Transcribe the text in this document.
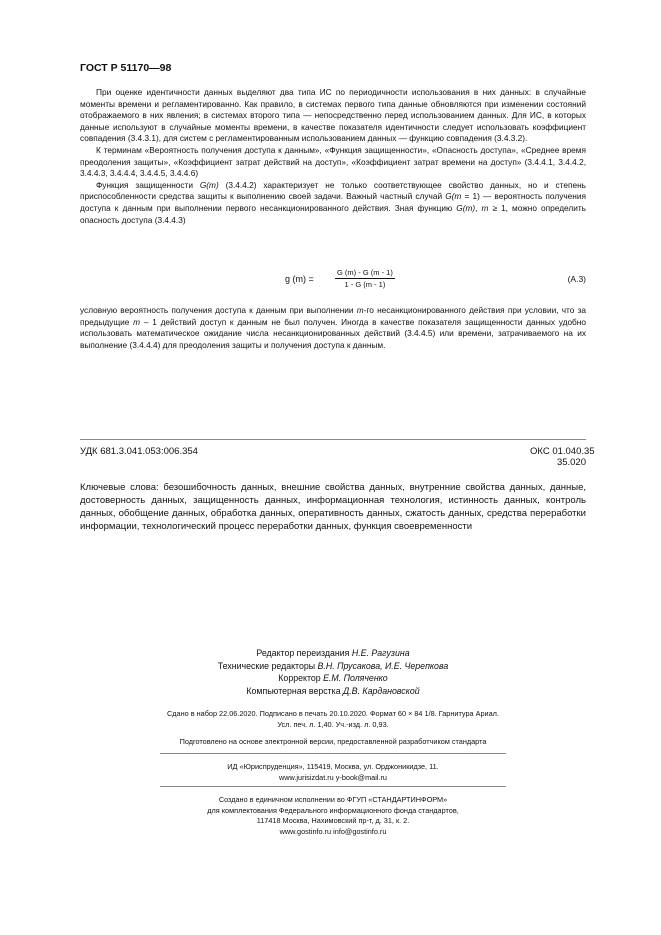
ГОСТ Р 51170—98

При оценке идентичности данных выделяют два типа ИС по периодичности использования в них данных: в случайные моменты времени и регламентированно. Как правило, в системах первого типа данные обновляются при изменении состояний отображаемого в них явления; в системах второго типа — непосредственно перед использованием данных. Для ИС, в которых данные используют в случайные моменты времени, в качестве показателя идентичности следует использовать коэффициент совпадения (3.4.3.1), для систем с регламентированным использованием данных — функцию совпадения (3.4.3.2).

К терминам «Вероятность получения доступа к данным», «Функция защищенности», «Опасность доступа», «Среднее время преодоления защиты», «Коэффициент затрат действий на доступ», «Коэффициент затрат времени на доступ» (3.4.4.1, 3.4.4.2, 3.4.4.3, 3.4.4.4, 3.4.4.5, 3.4.4.6)

Функция защищенности G(m) (3.4.4.2) характеризует не только соответствующее свойство данных, но и степень приспособленности средства защиты к выполнению своей задачи. Важный частный случай G(m = 1) — вероятность получения доступа к данным при выполнении первого несанкционированного действия. Зная функцию G(m), m ≥ 1, можно определить опасность доступа (3.4.4.3)

g (m) =
G (m) - G (m - 1)
1 - G (m - 1)
(A.3)

условную вероятность получения доступа к данным при выполнении m-го несанкционированного действия при условии, что за предыдущие m – 1 действий доступ к данным не был получен. Иногда в качестве показателя защищенности данных удобно использовать математическое ожидание числа несанкционированных действий (3.4.4.5) или времени, затрачиваемого на их выполнение (3.4.4.4) для преодоления защиты и получения доступа к данным.

УДК 681.3.041.053:006.354	ОКС 01.040.35
35.020
Ключевые слова: безошибочность данных, внешние свойства данных, внутренние свойства данных, данные, достоверность данных, защищенность данных, информационная технология, истинность данных, контроль данных, обобщение данных, обработка данных, оперативность данных, сжатость данных, средства переработки информации, технологический процесс переработки данных, функция своевременности
Редактор переиздания Н.Е. Рагузина
Технические редакторы В.Н. Прусакова, И.Е. Черепкова
Корректор Е.М. Поляченко
Компьютерная верстка Д.В. Кардановской
Сдано в набор 22.06.2020. Подписано в печать 20.10.2020. Формат 60 × 84 1/8. Гарнитура Ариал.
Усл. печ. л. 1,40. Уч.-изд. л. 0,93.
Подготовлено на основе электронной версии, предоставленной разработчиком стандарта
ИД «Юриспруденция», 115419, Москва, ул. Орджоникидзе, 11.
www.jurisizdat.ru y-book@mail.ru
Создано в единичном исполнении во ФГУП «СТАНДАРТИНФОРМ»
для комплектования Федерального информационного фонда стандартов,
117418 Москва, Нахимовский пр-т, д. 31, к. 2.
www.gostinfo.ru info@gostinfo.ru
